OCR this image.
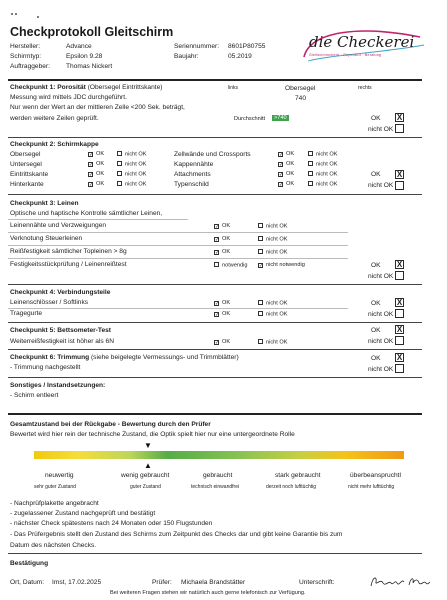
Checkprotokoll Gleitschirm
Hersteller:	Advance
Schirmtyp:	Epsilon 9.28
Auftraggeber: Thomas Nickert
Seriennummer: 8601P80755
Baujahr:	05.2019
die Checkerei
Gleitschirmcheck · Reparatur · Beratung
Checkpunkt 1: Porosität (Obersegel Eintrittskante)	links	Obersegel	rechts
Messung wird mittels JDC durchgeführt.	740
Nur wenn der Wert an der mittleren Zelle <200 Sek. beträgt,
werden weitere Zeilen geprüft.	Durchschnitt	>740	OK X
nicht OK
Checkpunkt 2: Schirmkappe
Obersegel	✓ OK	nicht OK	Zellwände und Crossports	✓ OK	nicht OK
Untersegel	✓ OK	nicht OK	Kappennähte	✓ OK	nicht OK
Eintrittskante	✓ OK	nicht OK	Attachments	✓ OK	nicht OK	OK X
Hinterkante	✓ OK	nicht OK	Typenschild	✓ OK	nicht OK	nicht OK
Checkpunkt 3: Leinen
Optische und haptische Kontrolle sämtlicher Leinen,
Leinennähte und Verzweigungen	✓ OK	nicht OK
Verknotung Steuerleinen	✓ OK	nicht OK
Reißfestigkeit sämtlicher Topleinen > 8g	✓ OK	nicht OK
Festigkeitsstückprüfung / Leinenreißtest	notwendig ✓ nicht notwendig	OK X
nicht OK
Checkpunkt 4: Verbindungsteile
Leinenschlösser / Softlinks	✓ OK	nicht OK	OK X
Tragegurte	✓ OK	nicht OK	nicht OK
Checkpunkt 5: Bettsometer-Test	OK X
Weiterreißfestigkeit ist höher als 6N	✓ OK	nicht OK	nicht OK
Checkpunkt 6: Trimmung (siehe beigelegte Vermessungs- und Trimmblätter)	OK X
- Trimmung nachgestellt	nicht OK
Sonstiges / Instandsetzungen:
- Schirm entleert
Gesamtzustand bei der Rückgabe - Bewertung durch den Prüfer
Bewertet wird hier rein der technische Zustand, die Optik spielt hier nur eine untergeordnete Rolle
▼
▲
neuwertig
sehr guter Zustand
wenig gebraucht
guter Zustand
gebraucht
technisch einwandfrei
stark gebraucht
derzeit noch lufttüchtig
überbeanspruchtl
nicht mehr lufttüchtig
- Nachprüfplakette angebracht
- zugelassener Zustand nachgeprüft und bestätigt
- nächster Check spätestens nach 24 Monaten oder 150 Flugstunden
- Das Prüfergebnis stellt den Zustand des Schirms zum Zeitpunkt des Checks dar und gibt keine Garantie bis zum
Datum des nächsten Checks.
Bestätigung
Ort, Datum: Imst, 17.02.2025	Prüfer: Michaela Brandstätter	Unterschrift:
Bei weiteren Fragen stehen wir natürlich auch gerne telefonisch zur Verfügung.
